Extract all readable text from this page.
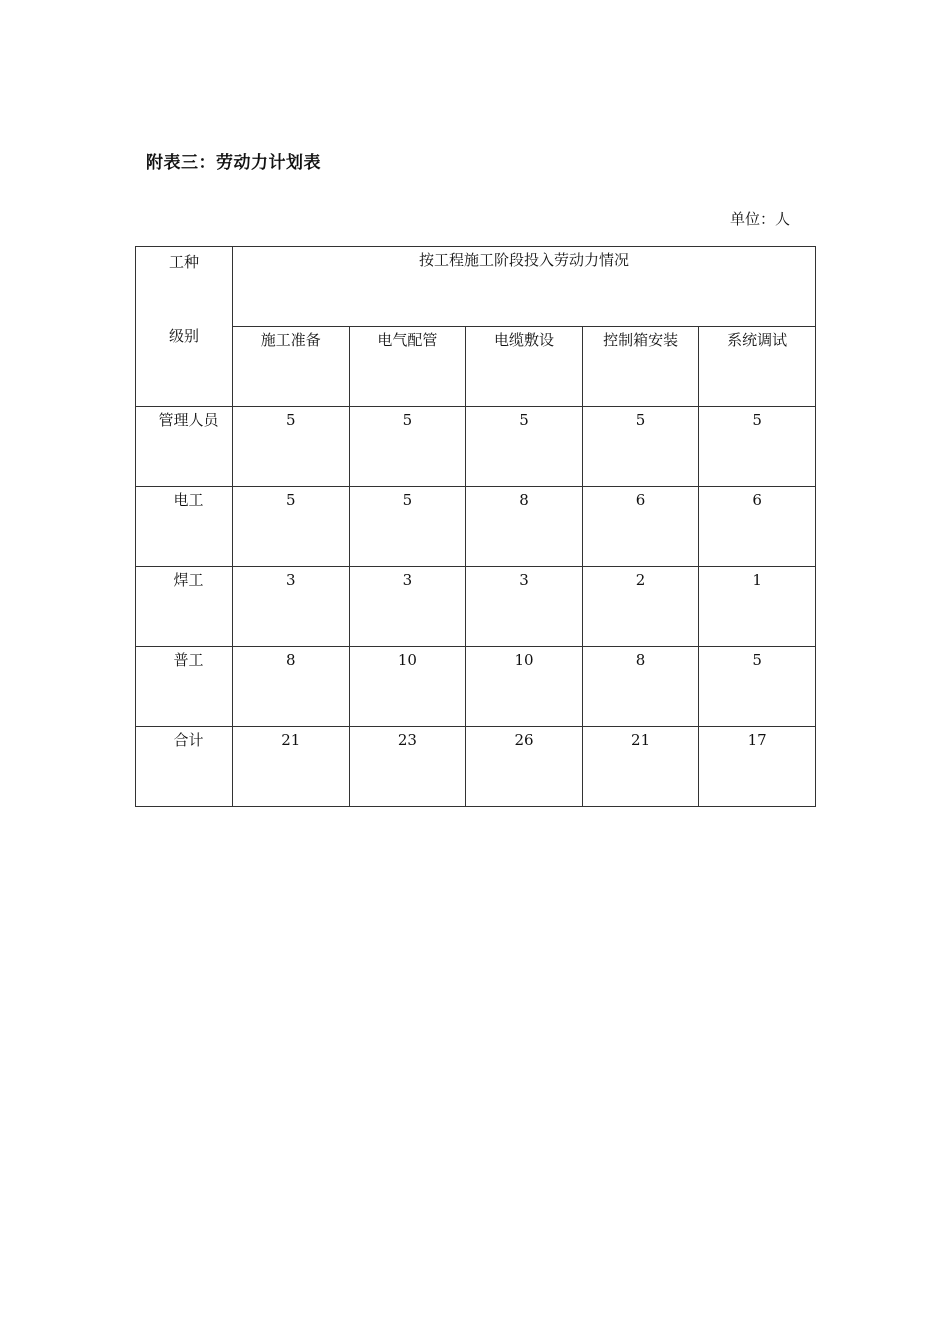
附表三：劳动力计划表
单位：人
工种
级别	按工程施工阶段投入劳动力情况				

	施工准备	电气配管	电缆敷设	控制箱安装	系统调试

管理人员	5	5	5	5	5

电工	5	5	8	6	6

焊工	3	3	3	2	1

普工	8	10	10	8	5

合计	21	23	26	21	17
